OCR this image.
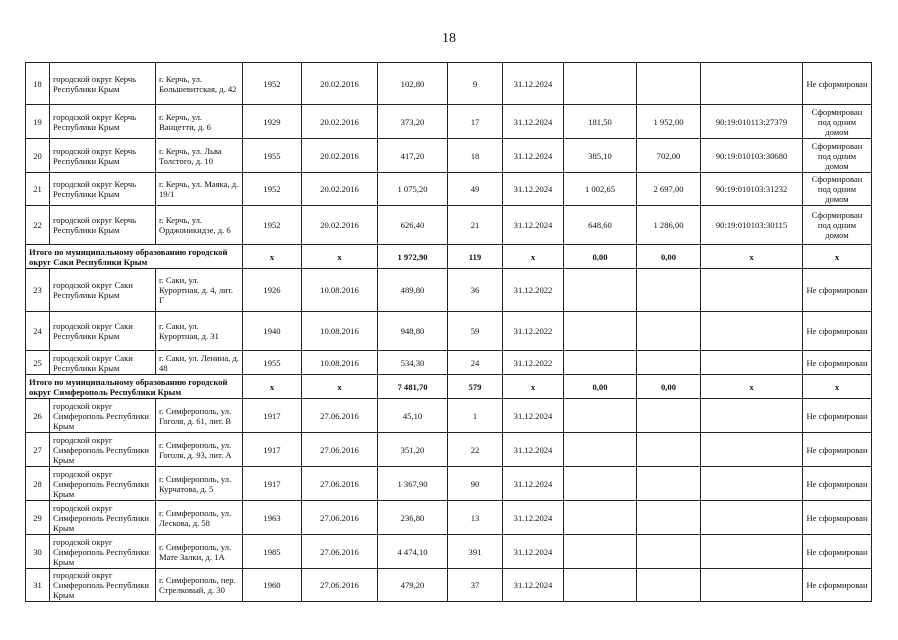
18
18	городской округ Керчь Республики Крым	г. Керчь, ул. Большевитская, д. 42	1952	20.02.2016	102,80	9	31.12.2024				Не сформирован
19	городской округ Керчь Республики Крым	г. Керчь, ул. Ванцетти, д. 6	1929	20.02.2016	373,20	17	31.12.2024	181,50	1 952,00	90:19:010113:27379	Сформирован под одним домом
20	городской округ Керчь Республики Крым	г. Керчь, ул. Льва Толстого, д. 10	1955	20.02.2016	417,20	18	31.12.2024	385,10	702,00	90:19:010103:30680	Сформирован под одним домом
21	городской округ Керчь Республики Крым	г. Керчь, ул. Маяка, д. 19/1	1952	20.02.2016	1 075,20	49	31.12.2024	1 002,65	2 697,00	90:19:010103:31232	Сформирован под одним домом
22	городской округ Керчь Республики Крым	г. Керчь, ул. Орджоникидзе, д. 6	1952	20.02.2016	626,40	21	31.12.2024	648,60	1 286,00	90:19:010103:30115	Сформирован под одним домом
Итого по муниципальному образованию городской округ Саки Республики Крым			x	x	1 972,90	119	x	0,00	0,00	x	x
23	городской округ Саки Республики Крым	г. Саки, ул. Курортная, д. 4, лит. Г	1926	10.08.2016	489,80	36	31.12.2022				Не сформирован
24	городской округ Саки Республики Крым	г. Саки, ул. Курортная, д. 31	1940	10.08.2016	948,80	59	31.12.2022				Не сформирован
25	городской округ Саки Республики Крым	г. Саки, ул. Ленина, д. 48	1955	10.08.2016	534,30	24	31.12.2022				Не сформирован
Итого по муниципальному образованию городской округ Симферополь Республики Крым			x	x	7 481,70	579	x	0,00	0,00	x	x
26	городской округ Симферополь Республики Крым	г. Симферополь, ул. Гоголя, д. 61, лит. В	1917	27.06.2016	45,10	1	31.12.2024				Не сформирован
27	городской округ Симферополь Республики Крым	г. Симферополь, ул. Гоголя, д. 93, лит. А	1917	27.06.2016	351,20	22	31.12.2024				Не сформирован
28	городской округ Симферополь Республики Крым	г. Симферополь, ул. Курчатова, д. 5	1917	27.06.2016	1 367,90	90	31.12.2024				Не сформирован
29	городской округ Симферополь Республики Крым	г. Симферополь, ул. Лескова, д. 58	1963	27.06.2016	236,80	13	31.12.2024				Не сформирован
30	городской округ Симферополь Республики Крым	г. Симферополь, ул. Мате Залки, д. 1А	1985	27.06.2016	4 474,10	391	31.12.2024				Не сформирован
31	городской округ Симферополь Республики Крым	г. Симферополь, пер. Стрелковый, д. 30	1960	27.06.2016	479,20	37	31.12.2024				Не сформирован
